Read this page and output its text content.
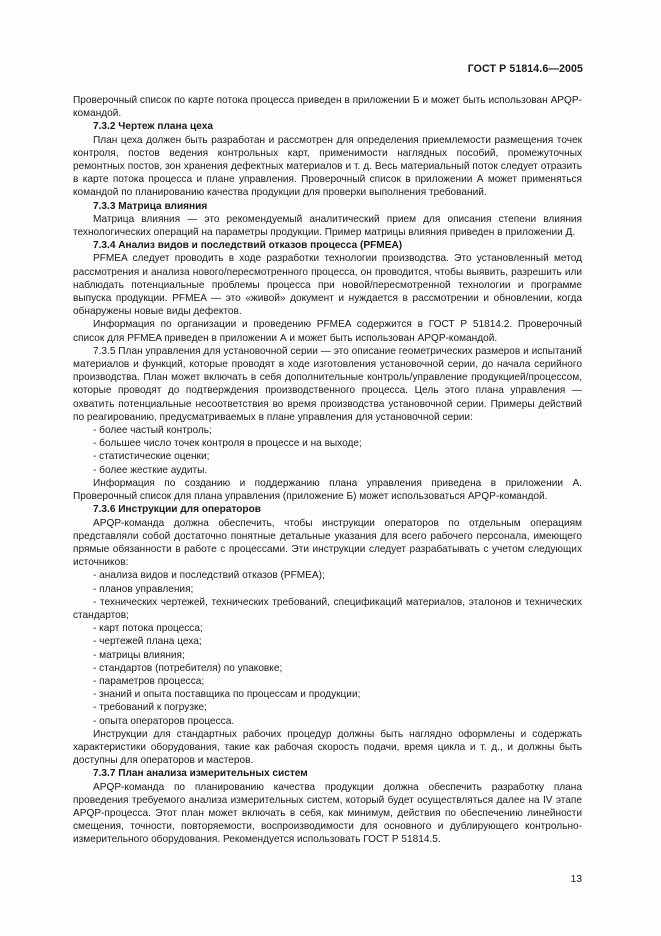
ГОСТ Р 51814.6—2005

Проверочный список по карте потока процесса приведен в приложении Б и может быть использован APQP-командой.

7.3.2 Чертеж плана цеха

План цеха должен быть разработан и рассмотрен для определения приемлемости размещения точек контроля, постов ведения контрольных карт, применимости наглядных пособий, промежуточных ремонтных постов, зон хранения дефектных материалов и т. д. Весь материальный поток следует отразить в карте потока процесса и плане управления. Проверочный список в приложении А может применяться командой по планированию качества продукции для проверки выполнения требований.

7.3.3 Матрица влияния

Матрица влияния — это рекомендуемый аналитический прием для описания степени влияния технологических операций на параметры продукции. Пример матрицы влияния приведен в приложении Д.

7.3.4 Анализ видов и последствий отказов процесса (PFMEA)

PFMEA следует проводить в ходе разработки технологии производства. Это установленный метод рассмотрения и анализа нового/пересмотренного процесса, он проводится, чтобы выявить, разрешить или наблюдать потенциальные проблемы процесса при новой/пересмотренной технологии и программе выпуска продукции. PFMEA — это «живой» документ и нуждается в рассмотрении и обновлении, когда обнаружены новые виды дефектов.

Информация по организации и проведению PFMEA содержится в ГОСТ Р 51814.2. Проверочный список для PFMEA приведен в приложении А и может быть использован APQP-командой.

7.3.5 План управления для установочной серии — это описание геометрических размеров и испытаний материалов и функций, которые проводят в ходе изготовления установочной серии, до начала серийного производства. План может включать в себя дополнительные контроль/управление продукцией/процессом, которые проводят до подтверждения производственного процесса. Цель этого плана управления — охватить потенциальные несоответствия во время производства установочной серии. Примеры действий по реагированию, предусматриваемых в плане управления для установочной серии:

- более частый контроль;

- большее число точек контроля в процессе и на выходе;

- статистические оценки;

- более жесткие аудиты.

Информация по созданию и поддержанию плана управления приведена в приложении А. Проверочный список для плана управления (приложение Б) может использоваться APQP-командой.

7.3.6 Инструкции для операторов

APQP-команда должна обеспечить, чтобы инструкции операторов по отдельным операциям представляли собой достаточно понятные детальные указания для всего рабочего персонала, имеющего прямые обязанности в работе с процессами. Эти инструкции следует разрабатывать с учетом следующих источников:

- анализа видов и последствий отказов (PFMEA);

- планов управления;

- технических чертежей, технических требований, спецификаций материалов, эталонов и технических стандартов;

- карт потока процесса;

- чертежей плана цеха;

- матрицы влияния;

- стандартов (потребителя) по упаковке;

- параметров процесса;

- знаний и опыта поставщика по процессам и продукции;

- требований к погрузке;

- опыта операторов процесса.

Инструкции для стандартных рабочих процедур должны быть наглядно оформлены и содержать характеристики оборудования, такие как рабочая скорость подачи, время цикла и т. д., и должны быть доступны для операторов и мастеров.

7.3.7 План анализа измерительных систем

APQP-команда по планированию качества продукции должна обеспечить разработку плана проведения требуемого анализа измерительных систем, который будет осуществляться далее на IV этапе APQP-процесса. Этот план может включать в себя, как минимум, действия по обеспечению линейности смещения, точности, повторяемости, воспроизводимости для основного и дублирующего контрольно-измерительного оборудования. Рекомендуется использовать ГОСТ Р 51814.5.

13
